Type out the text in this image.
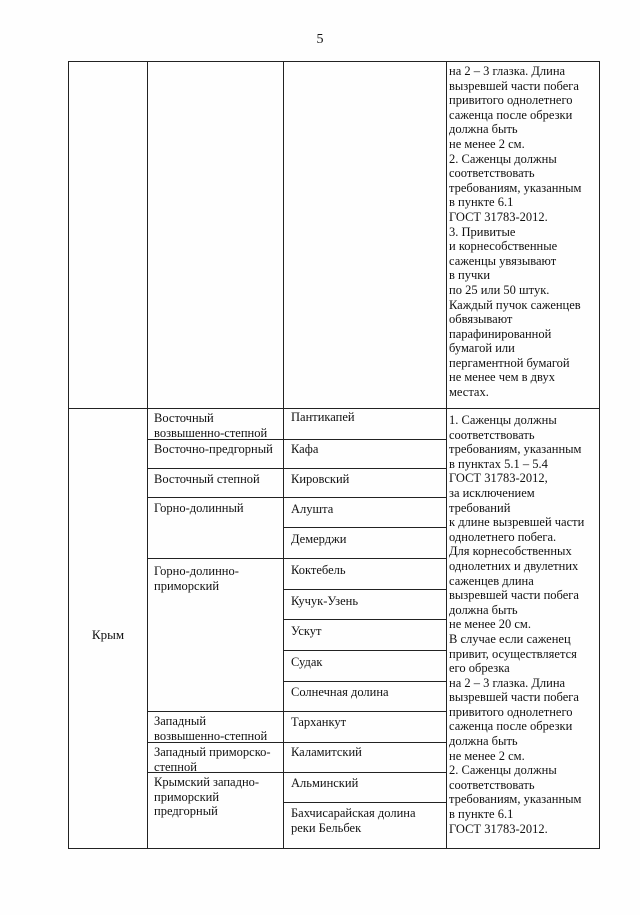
5
на 2 – 3 глазка. Длина
вызревшей части побега
привитого однолетнего
саженца после обрезки
должна быть
не менее 2 см.
2. Саженцы должны
соответствовать
требованиям, указанным
в пункте 6.1
ГОСТ 31783-2012.
3. Привитые
и корнесобственные
саженцы увязывают
в пучки
по 25 или 50 штук.
Каждый пучок саженцев
обвязывают
парафинированной
бумагой или
пергаментной бумагой
не менее чем в двух
местах.
Крым
Восточный
возвышенно-степной
Восточно-предгорный
Восточный степной
Горно-долинный
Горно-долинно-
приморский
Западный
возвышенно-степной
Западный приморско-
степной
Крымский западно-
приморский
предгорный
Пантикапей
Кафа
Кировский
Алушта
Демерджи
Коктебель
Кучук-Узень
Ускут
Судак
Солнечная долина
Тарханкут
Каламитский
Альминский
Бахчисарайская долина
реки Бельбек
1. Саженцы должны
соответствовать
требованиям, указанным
в пунктах 5.1 – 5.4
ГОСТ 31783-2012,
за исключением
требований
к длине вызревшей части
однолетнего побега.
Для корнесобственных
однолетних и двулетних
саженцев длина
вызревшей части побега
должна быть
не менее 20 см.
В случае если саженец
привит, осуществляется
его обрезка
на 2 – 3 глазка. Длина
вызревшей части побега
привитого однолетнего
саженца после обрезки
должна быть
не менее 2 см.
2. Саженцы должны
соответствовать
требованиям, указанным
в пункте 6.1
ГОСТ 31783-2012.
